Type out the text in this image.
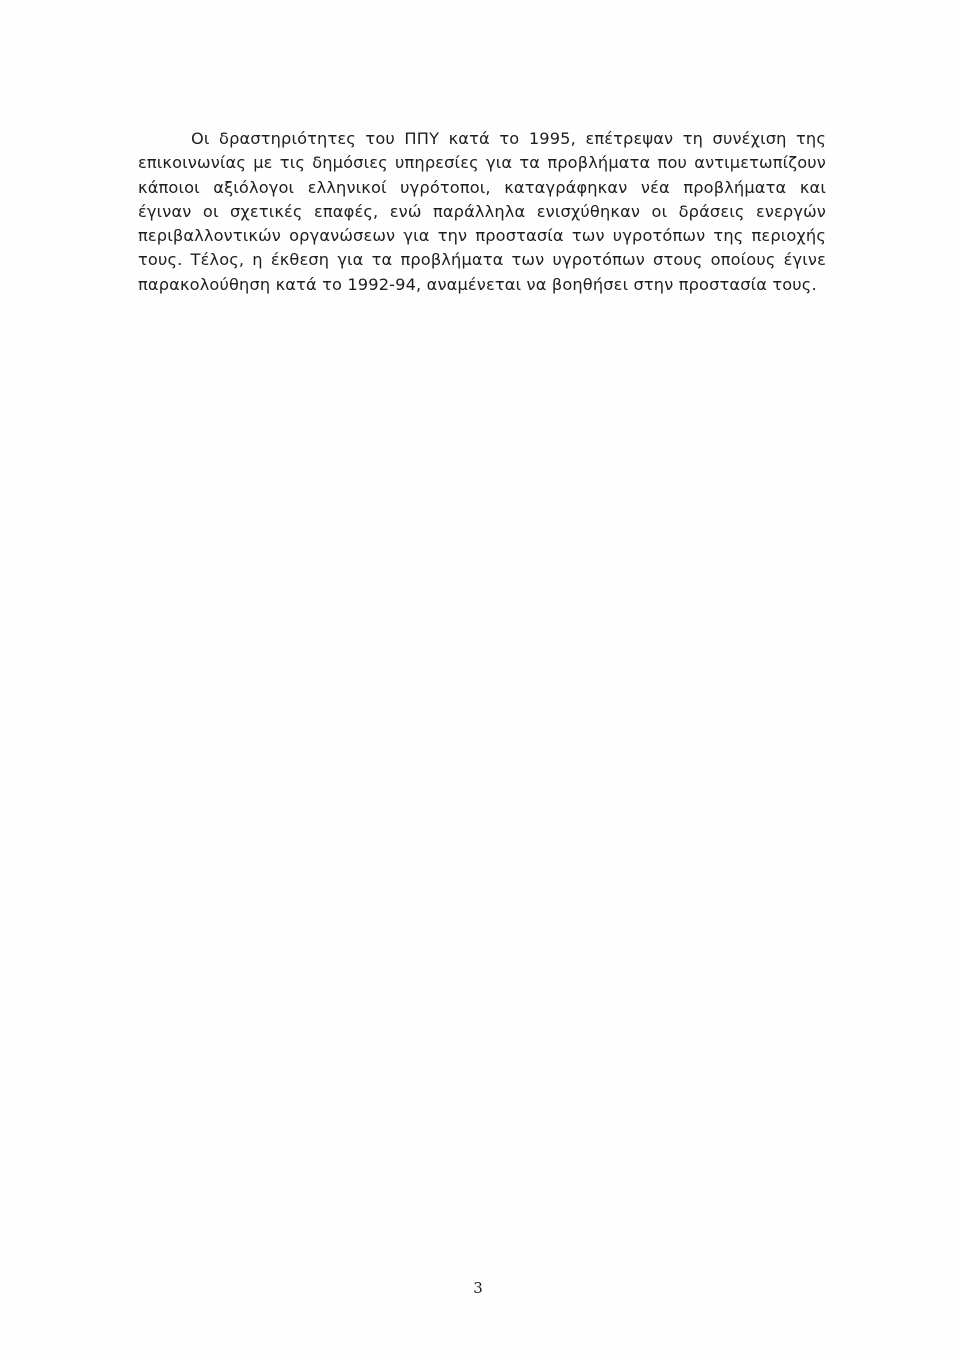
Οι δραστηριότητες του ΠΠΥ κατά το 1995, επέτρεψαν τη συνέχιση της
επικοινωνίας με τις δημόσιες υπηρεσίες για τα προβλήματα που αντιμετωπίζουν
κάποιοι αξιόλογοι ελληνικοί υγρότοποι, καταγράφηκαν νέα προβλήματα και
έγιναν οι σχετικές επαφές, ενώ παράλληλα ενισχύθηκαν οι δράσεις ενεργών
περιβαλλοντικών οργανώσεων για την προστασία των υγροτόπων της περιοχής
τους. Τέλος, η έκθεση για τα προβλήματα των υγροτόπων στους οποίους έγινε
παρακολούθηση κατά το 1992-94, αναμένεται να βοηθήσει στην προστασία τους.

3
